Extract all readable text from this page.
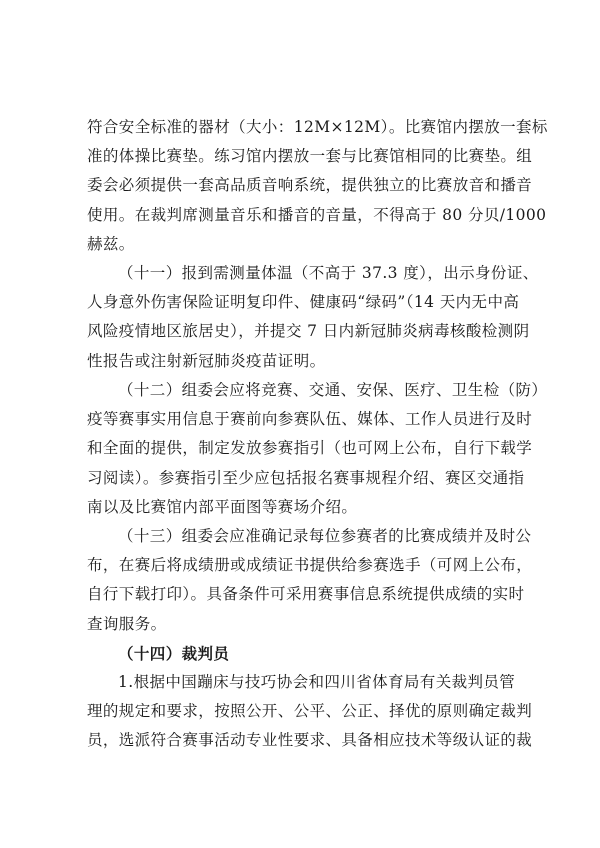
符合安全标准的器材（大小：12M×12M）。比赛馆内摆放一套标
准的体操比赛垫。练习馆内摆放一套与比赛馆相同的比赛垫。组
委会必须提供一套高品质音响系统，提供独立的比赛放音和播音
使用。在裁判席测量音乐和播音的音量，不得高于 80 分贝/1000
赫兹。
（十一）报到需测量体温（不高于 37.3 度），出示身份证、
人身意外伤害保险证明复印件、健康码“绿码”（14 天内无中高
风险疫情地区旅居史），并提交 7 日内新冠肺炎病毒核酸检测阴
性报告或注射新冠肺炎疫苗证明。
（十二）组委会应将竞赛、交通、安保、医疗、卫生检（防）
疫等赛事实用信息于赛前向参赛队伍、媒体、工作人员进行及时
和全面的提供，制定发放参赛指引（也可网上公布，自行下载学
习阅读）。参赛指引至少应包括报名赛事规程介绍、赛区交通指
南以及比赛馆内部平面图等赛场介绍。
（十三）组委会应准确记录每位参赛者的比赛成绩并及时公
布，在赛后将成绩册或成绩证书提供给参赛选手（可网上公布，
自行下载打印）。具备条件可采用赛事信息系统提供成绩的实时
查询服务。
（十四）裁判员
1.根据中国蹦床与技巧协会和四川省体育局有关裁判员管
理的规定和要求，按照公开、公平、公正、择优的原则确定裁判
员，选派符合赛事活动专业性要求、具备相应技术等级认证的裁
